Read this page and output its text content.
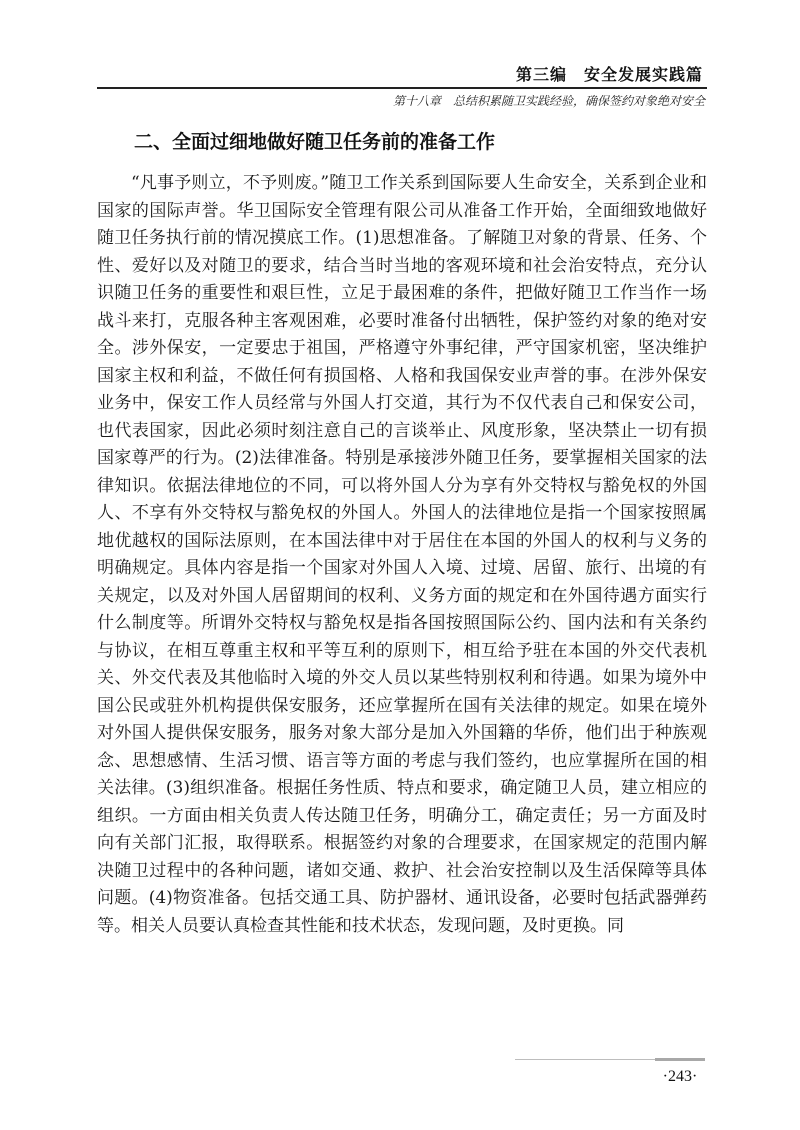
第三编　安全发展实践篇
第十八章　总结积累随卫实践经验，确保签约对象绝对安全
二、全面过细地做好随卫任务前的准备工作

“凡事予则立，不予则废。”随卫工作关系到国际要人生命安全，关系到企业和国家的国际声誉。华卫国际安全管理有限公司从准备工作开始，全面细致地做好随卫任务执行前的情况摸底工作。(1)思想准备。了解随卫对象的背景、任务、个性、爱好以及对随卫的要求，结合当时当地的客观环境和社会治安特点，充分认识随卫任务的重要性和艰巨性，立足于最困难的条件，把做好随卫工作当作一场战斗来打，克服各种主客观困难，必要时准备付出牺牲，保护签约对象的绝对安全。涉外保安，一定要忠于祖国，严格遵守外事纪律，严守国家机密，坚决维护国家主权和利益，不做任何有损国格、人格和我国保安业声誉的事。在涉外保安业务中，保安工作人员经常与外国人打交道，其行为不仅代表自己和保安公司，也代表国家，因此必须时刻注意自己的言谈举止、风度形象，坚决禁止一切有损国家尊严的行为。(2)法律准备。特别是承接涉外随卫任务，要掌握相关国家的法律知识。依据法律地位的不同，可以将外国人分为享有外交特权与豁免权的外国人、不享有外交特权与豁免权的外国人。外国人的法律地位是指一个国家按照属地优越权的国际法原则，在本国法律中对于居住在本国的外国人的权利与义务的明确规定。具体内容是指一个国家对外国人入境、过境、居留、旅行、出境的有关规定，以及对外国人居留期间的权利、义务方面的规定和在外国待遇方面实行什么制度等。所谓外交特权与豁免权是指各国按照国际公约、国内法和有关条约与协议，在相互尊重主权和平等互利的原则下，相互给予驻在本国的外交代表机关、外交代表及其他临时入境的外交人员以某些特别权利和待遇。如果为境外中国公民或驻外机构提供保安服务，还应掌握所在国有关法律的规定。如果在境外对外国人提供保安服务，服务对象大部分是加入外国籍的华侨，他们出于种族观念、思想感情、生活习惯、语言等方面的考虑与我们签约，也应掌握所在国的相关法律。(3)组织准备。根据任务性质、特点和要求，确定随卫人员，建立相应的组织。一方面由相关负责人传达随卫任务，明确分工，确定责任；另一方面及时向有关部门汇报，取得联系。根据签约对象的合理要求，在国家规定的范围内解决随卫过程中的各种问题，诸如交通、救护、社会治安控制以及生活保障等具体问题。(4)物资准备。包括交通工具、防护器材、通讯设备，必要时包括武器弹药等。相关人员要认真检查其性能和技术状态，发现问题，及时更换。同

·243·
